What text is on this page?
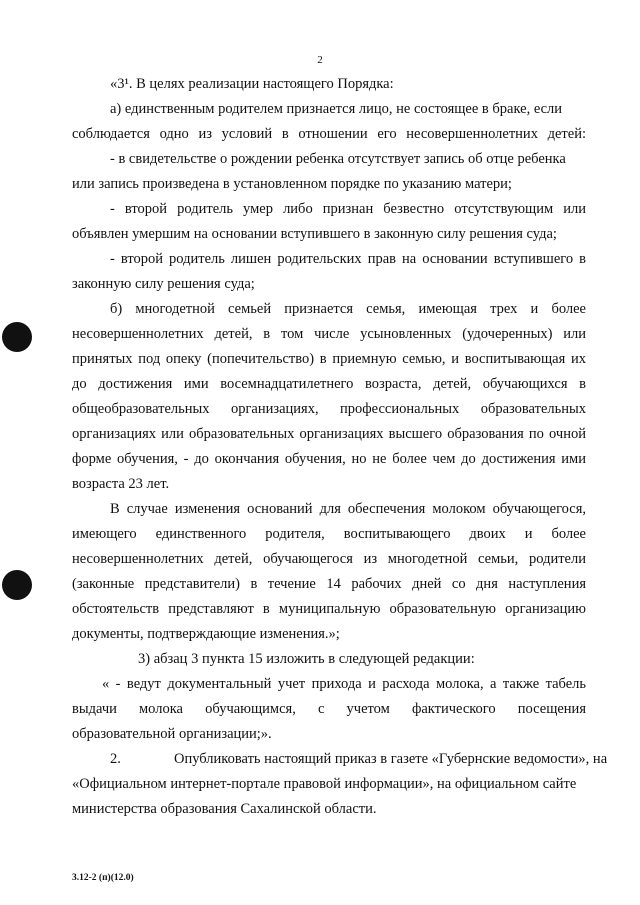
2
«3¹. В целях реализации настоящего Порядка:
а) единственным родителем признается лицо, не состоящее в браке, если
соблюдается одно из условий в отношении его несовершеннолетних детей:
- в свидетельстве о рождении ребенка отсутствует запись об отце ребенка
или запись произведена в установленном порядке по указанию матери;
- второй родитель умер либо признан безвестно отсутствующим или
объявлен умершим на основании вступившего в законную силу решения суда;
- второй родитель лишен родительских прав на основании вступившего в
законную силу решения суда;
б) многодетной семьей признается семья, имеющая трех и более
несовершеннолетних детей, в том числе усыновленных (удочеренных) или
принятых под опеку (попечительство) в приемную семью, и воспитывающая их
до достижения ими восемнадцатилетнего возраста, детей, обучающихся в
общеобразовательных организациях, профессиональных образовательных
организациях или образовательных организациях высшего образования по очной
форме обучения, - до окончания обучения, но не более чем до достижения ими
возраста 23 лет.
В случае изменения оснований для обеспечения молоком обучающегося,
имеющего единственного родителя, воспитывающего двоих и более
несовершеннолетних детей, обучающегося из многодетной семьи, родители
(законные представители) в течение 14 рабочих дней со дня наступления
обстоятельств представляют в муниципальную образовательную организацию
документы, подтверждающие изменения.»;
3) абзац 3 пункта 15 изложить в следующей редакции:
« - ведут документальный учет прихода и расхода молока, а также табель
выдачи молока обучающимся, с учетом фактического посещения
образовательной организации;».
2.	Опубликовать настоящий приказ в газете «Губернские ведомости», на
«Официальном интернет-портале правовой информации», на официальном сайте
министерства образования Сахалинской области.
3.12-2 (п)(12.0)
